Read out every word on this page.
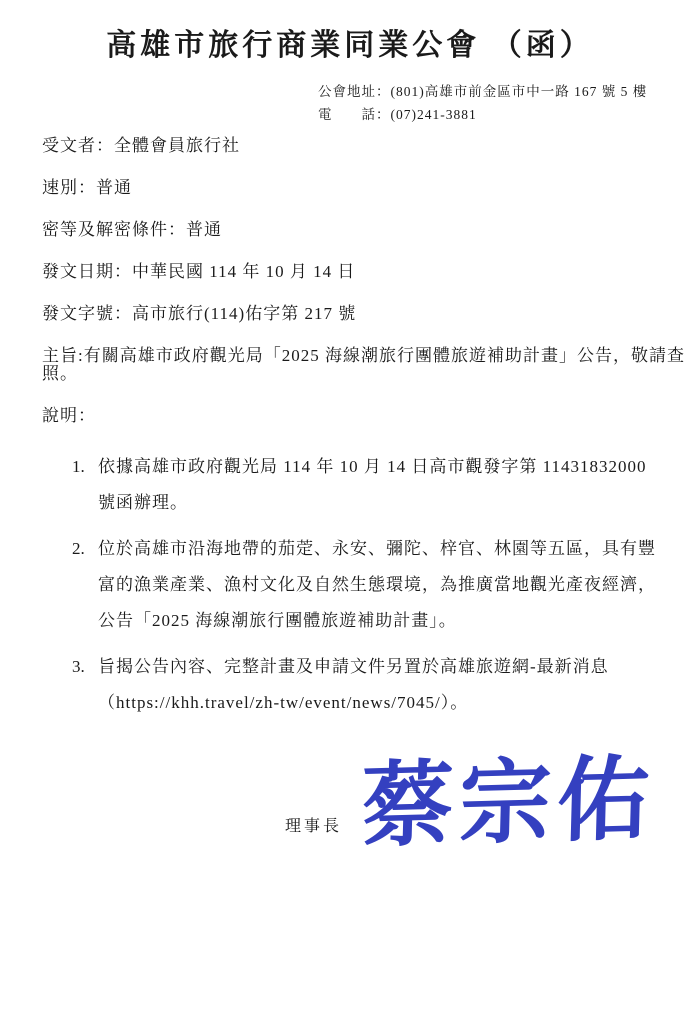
高雄市旅行商業同業公會 （函）
公會地址：(801)高雄市前金區市中一路 167 號 5 樓
電　　話：(07)241-3881
受文者：全體會員旅行社
速別：普通
密等及解密條件：普通
發文日期：中華民國 114 年 10 月 14 日
發文字號：高市旅行(114)佑字第 217 號
主旨:有關高雄市政府觀光局「2025 海線潮旅行團體旅遊補助計畫」公告，敬請查照。
說明：
1. 依據高雄市政府觀光局 114 年 10 月 14 日高市觀發字第 11431832000 號函辦理。
2. 位於高雄市沿海地帶的茄萣、永安、彌陀、梓官、林園等五區，具有豐富的漁業產業、漁村文化及自然生態環境，為推廣當地觀光產夜經濟，公告「2025 海線潮旅行團體旅遊補助計畫」。
3. 旨揭公告內容、完整計畫及申請文件另置於高雄旅遊網-最新消息（https://khh.travel/zh-tw/event/news/7045/）。
理事長 蔡宗佑
